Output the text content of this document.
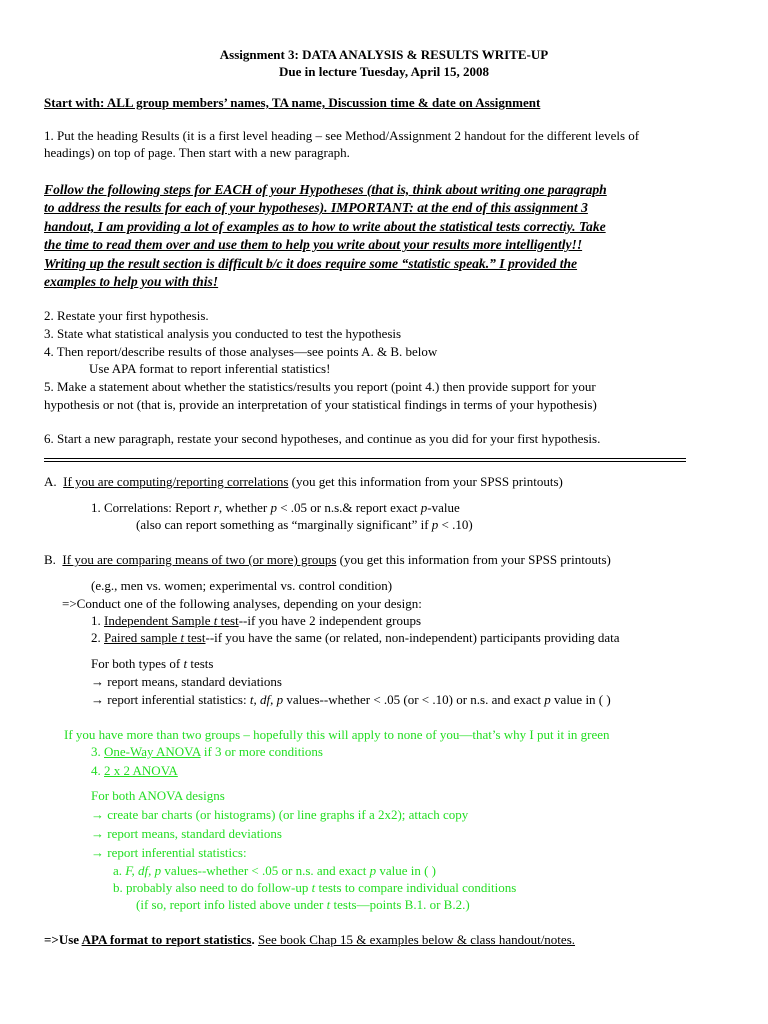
Assignment 3: DATA ANALYSIS & RESULTS WRITE-UP
Due in lecture Tuesday, April 15, 2008
Start with: ALL group members’ names, TA name, Discussion time & date on Assignment
1. Put the heading Results (it is a first level heading – see Method/Assignment 2 handout for the different levels of
headings) on top of page. Then start with a new paragraph.
Follow the following steps for EACH of your Hypotheses (that is, think about writing one paragraph
to address the results for each of your hypotheses). IMPORTANT: at the end of this assignment 3
handout, I am providing a lot of examples as to how to write about the statistical tests correctiy. Take
the time to read them over and use them to help you write about your results more intelligently!!
Writing up the result section is difficult b/c it does require some “statistic speak.” I provided the
examples to help you with this!
2. Restate your first hypothesis.
3. State what statistical analysis you conducted to test the hypothesis
4. Then report/describe results of those analyses—see points A. & B. below
Use APA format to report inferential statistics!
5. Make a statement about whether the statistics/results you report (point 4.) then provide support for your
hypothesis or not (that is, provide an interpretation of your statistical findings in terms of your hypothesis)
6. Start a new paragraph, restate your second hypotheses, and continue as you did for your first hypothesis.
A. If you are computing/reporting correlations (you get this information from your SPSS printouts)
1. Correlations: Report r, whether p < .05 or n.s.& report exact p-value
(also can report something as “marginally significant” if p < .10)
B. If you are comparing means of two (or more) groups (you get this information from your SPSS printouts)
(e.g., men vs. women; experimental vs. control condition)
=>Conduct one of the following analyses, depending on your design:
1. Independent Sample t test--if you have 2 independent groups
2. Paired sample t test--if you have the same (or related, non-independent) participants providing data
For both types of t tests
→ report means, standard deviations
→ report inferential statistics: t, df, p values--whether < .05 (or < .10) or n.s. and exact p value in ( )
If you have more than two groups – hopefully this will apply to none of you—that’s why I put it in green
3. One-Way ANOVA if 3 or more conditions
4. 2 x 2 ANOVA
For both ANOVA designs
→ create bar charts (or histograms) (or line graphs if a 2x2); attach copy
→ report means, standard deviations
→ report inferential statistics:
a. F, df, p values--whether < .05 or n.s. and exact p value in ( )
b. probably also need to do follow-up t tests to compare individual conditions
(if so, report info listed above under t tests—points B.1. or B.2.)
=>Use APA format to report statistics. See book Chap 15 & examples below & class handout/notes.
